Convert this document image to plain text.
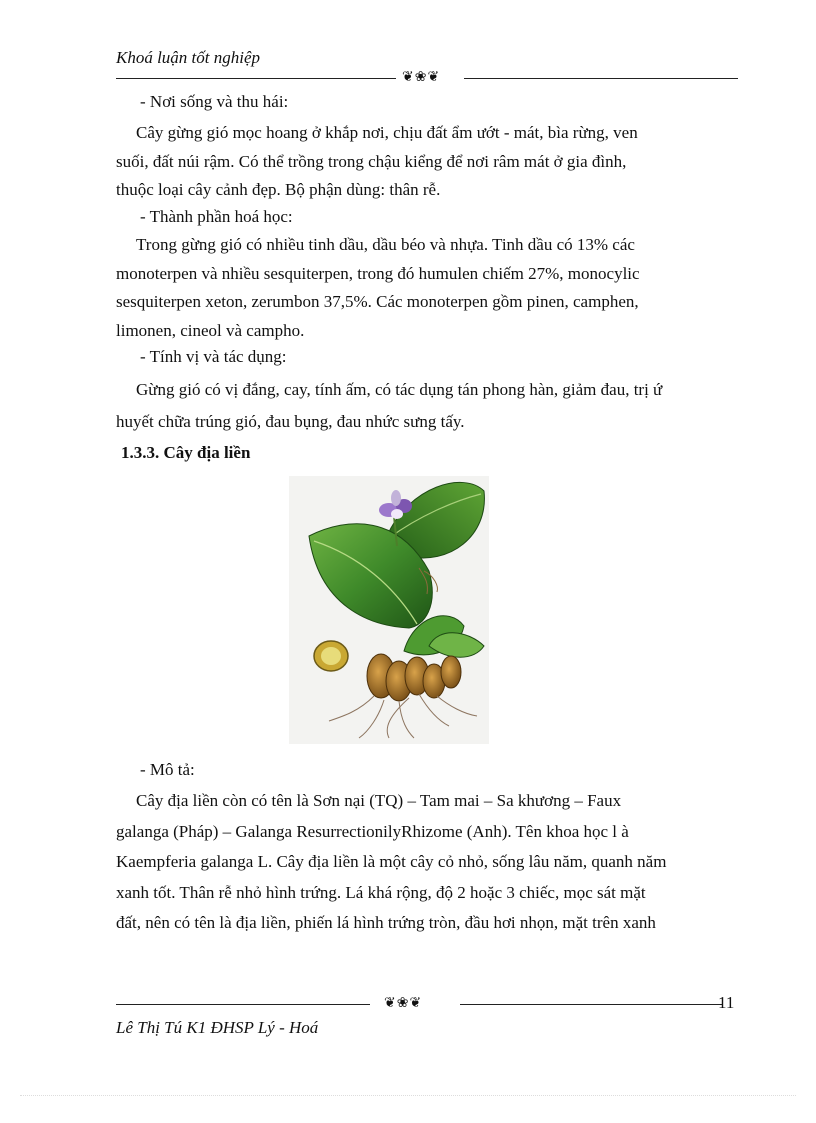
Khoá luận tốt nghiệp
❦❀❦
- Nơi sống và thu hái:
Cây gừng gió mọc hoang ở khắp nơi, chịu đất ẩm ướt - mát, bìa rừng, ven
suối, đất núi rậm. Có thể trồng trong chậu kiểng để nơi râm mát ở gia đình,
thuộc loại cây cảnh đẹp. Bộ phận dùng: thân rễ.
- Thành phần hoá học:
Trong gừng gió có nhiều tinh dầu, dầu béo và nhựa. Tinh dầu có 13% các
monoterpen và nhiều sesquiterpen, trong đó humulen chiếm 27%, monocylic
sesquiterpen xeton, zerumbon 37,5%. Các monoterpen gồm pinen, camphen,
limonen, cineol và campho.
- Tính vị và tác dụng:
Gừng gió có vị đắng, cay, tính ấm, có tác dụng tán phong hàn, giảm đau, trị ứ
huyết chữa trúng gió, đau bụng, đau nhức sưng tấy.
1.3.3. Cây địa liền
- Mô tả:
Cây địa liền còn có tên là Sơn nại (TQ) – Tam mai – Sa khương – Faux
galanga (Pháp) – Galanga ResurrectionilyRhizome (Anh). Tên khoa học l à
Kaempferia galanga L. Cây địa liền là một cây cỏ nhỏ, sống lâu năm, quanh năm
xanh tốt. Thân rễ nhỏ hình trứng. Lá khá rộng, độ 2 hoặc 3 chiếc, mọc sát mặt
đất, nên có tên là địa liền, phiến lá hình trứng tròn, đầu hơi nhọn, mặt trên xanh
❦❀❦	11
Lê Thị Tú K1 ĐHSP Lý - Hoá
